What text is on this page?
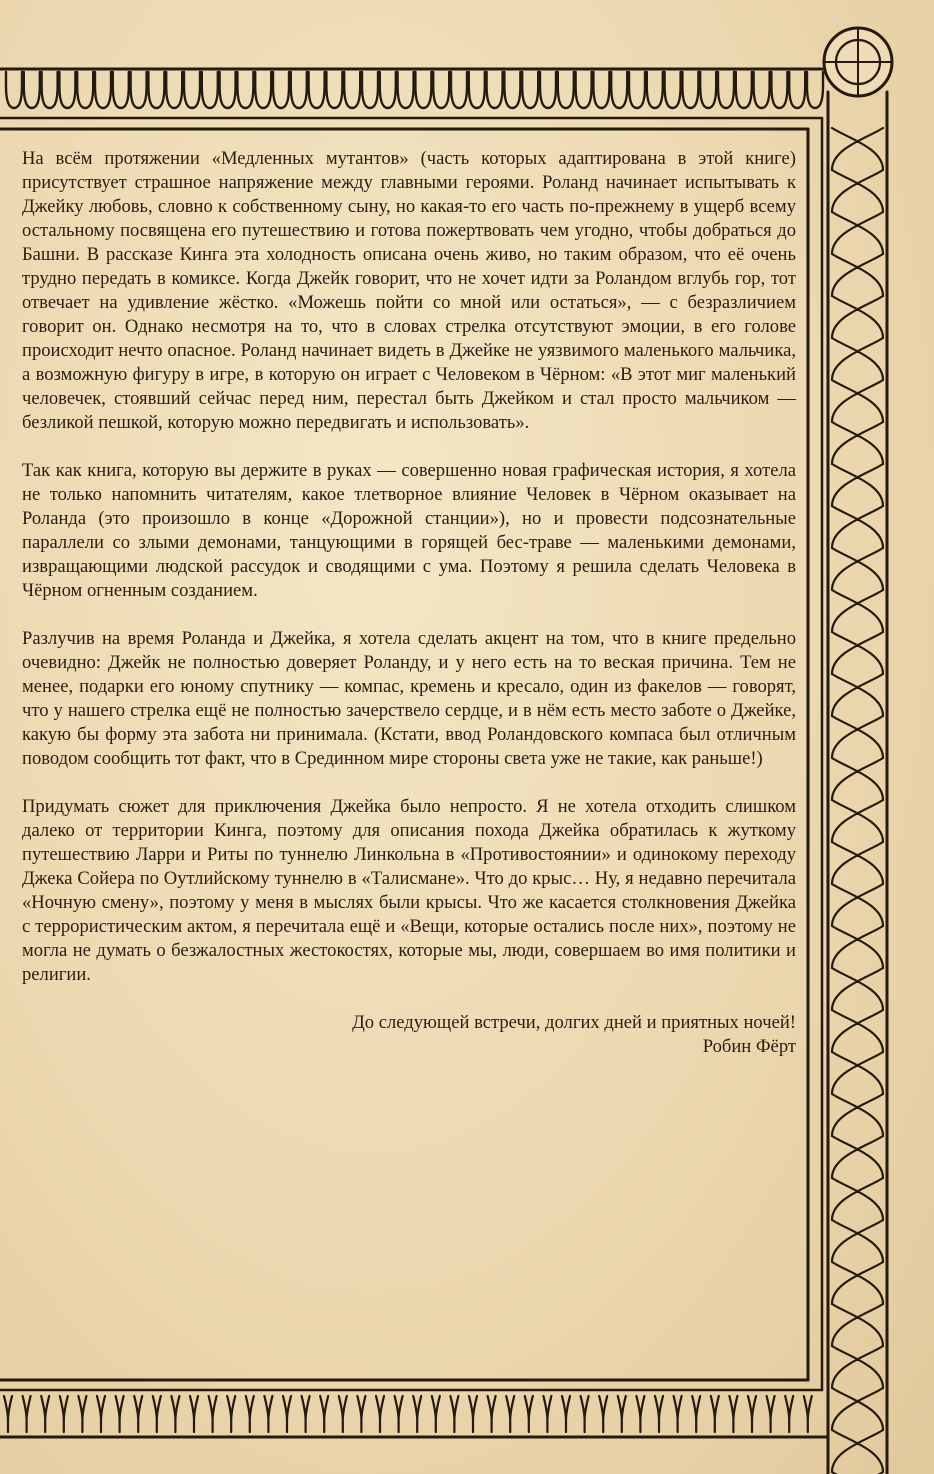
На всём протяжении «Медленных мутантов» (часть которых адаптирована в этой книге) присутствует страшное напряжение между главными героями. Роланд начинает испытывать к Джейку любовь, словно к собственному сыну, но какая-то его часть по-прежнему в ущерб всему остальному посвящена его путешествию и готова пожертвовать чем угодно, чтобы добраться до Башни. В рассказе Кинга эта холодность описана очень живо, но таким образом, что её очень трудно передать в комиксе. Когда Джейк говорит, что не хочет идти за Роландом вглубь гор, тот отвечает на удивление жёстко. «Можешь пойти со мной или остаться», — с безразличием говорит он. Однако несмотря на то, что в словах стрелка отсутствуют эмоции, в его голове происходит нечто опасное. Роланд начинает видеть в Джейке не уязвимого маленького мальчика, а возможную фигуру в игре, в которую он играет с Человеком в Чёрном: «В этот миг маленький человечек, стоявший сейчас перед ним, перестал быть Джейком и стал просто мальчиком — безликой пешкой, которую можно передвигать и использовать».

Так как книга, которую вы держите в руках — совершенно новая графическая история, я хотела не только напомнить читателям, какое тлетворное влияние Человек в Чёрном оказывает на Роланда (это произошло в конце «Дорожной станции»), но и провести подсознательные параллели со злыми демонами, танцующими в горящей бес-траве — маленькими демонами, извращающими людской рассудок и сводящими с ума. Поэтому я решила сделать Человека в Чёрном огненным созданием.

Разлучив на время Роланда и Джейка, я хотела сделать акцент на том, что в книге предельно очевидно: Джейк не полностью доверяет Роланду, и у него есть на то веская причина. Тем не менее, подарки его юному спутнику — компас, кремень и кресало, один из факелов — говорят, что у нашего стрелка ещё не полностью зачерствело сердце, и в нём есть место заботе о Джейке, какую бы форму эта забота ни принимала. (Кстати, ввод Роландовского компаса был отличным поводом сообщить тот факт, что в Срединном мире стороны света уже не такие, как раньше!)

Придумать сюжет для приключения Джейка было непросто. Я не хотела отходить слишком далеко от территории Кинга, поэтому для описания похода Джейка обратилась к жуткому путешествию Ларри и Риты по туннелю Линкольна в «Противостоянии» и одинокому переходу Джека Сойера по Оутлийскому туннелю в «Талисмане». Что до крыс… Ну, я недавно перечитала «Ночную смену», поэтому у меня в мыслях были крысы. Что же касается столкновения Джейка с террористическим актом, я перечитала ещё и «Вещи, которые остались после них», поэтому не могла не думать о безжалостных жестокостях, которые мы, люди, совершаем во имя политики и религии.

До следующей встречи, долгих дней и приятных ночей!
Робин Фёрт
